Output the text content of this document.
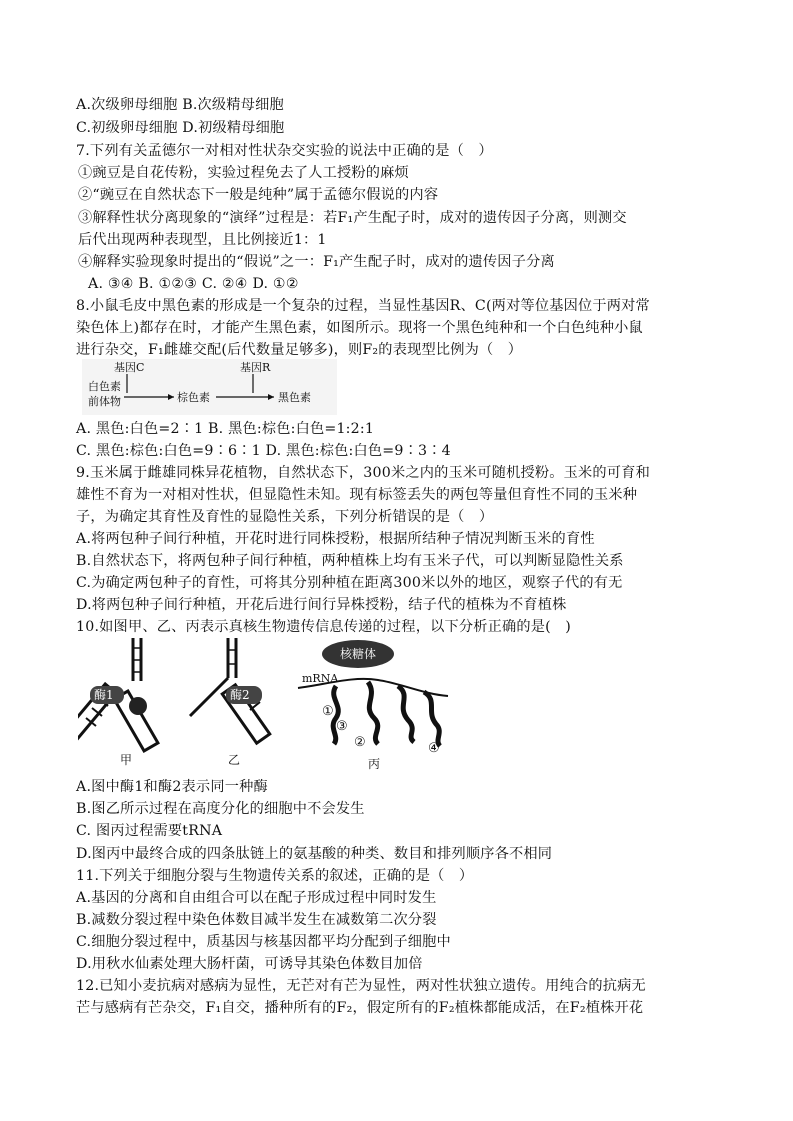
A.次级卵母细胞 B.次级精母细胞
C.初级卵母细胞 D.初级精母细胞
7.下列有关孟德尔一对相对性状杂交实验的说法中正确的是（　）
①豌豆是自花传粉，实验过程免去了人工授粉的麻烦
②“豌豆在自然状态下一般是纯种”属于孟德尔假说的内容
③解释性状分离现象的“演绎”过程是：若F₁产生配子时，成对的遗传因子分离，则测交
后代出现两种表现型，且比例接近1：1
④解释实验现象时提出的“假说”之一：F₁产生配子时，成对的遗传因子分离
A. ③④ B. ①②③ C. ②④ D. ①②
8.小鼠毛皮中黑色素的形成是一个复杂的过程，当显性基因R、C(两对等位基因位于两对常
染色体上)都存在时，才能产生黑色素，如图所示。现将一个黑色纯种和一个白色纯种小鼠
进行杂交，F₁雌雄交配(后代数量足够多)，则F₂的表现型比例为（　）
基因C	基因R
白色素
前体物	棕色素	黑色素
A. 黑色:白色=2∶1 B. 黑色:棕色:白色=1:2:1
C. 黑色:棕色:白色=9∶6∶1 D. 黑色:棕色:白色=9∶3∶4
9.玉米属于雌雄同株异花植物，自然状态下，300米之内的玉米可随机授粉。玉米的可育和
雄性不育为一对相对性状，但显隐性未知。现有标签丢失的两包等量但育性不同的玉米种
子，为确定其育性及育性的显隐性关系，下列分析错误的是（　）
A.将两包种子间行种植，开花时进行同株授粉，根据所结种子情况判断玉米的育性
B.自然状态下，将两包种子间行种植，两种植株上均有玉米子代，可以判断显隐性关系
C.为确定两包种子的育性，可将其分别种植在距离300米以外的地区，观察子代的有无
D.将两包种子间行种植，开花后进行间行异株授粉，结子代的植株为不育植株
10.如图甲、乙、丙表示真核生物遗传信息传递的过程，以下分析正确的是(　)
酶1
甲
酶2
乙
核糖体
mRNA
①
③
②	④
丙
A.图中酶1和酶2表示同一种酶
B.图乙所示过程在高度分化的细胞中不会发生
C. 图丙过程需要tRNA
D.图丙中最终合成的四条肽链上的氨基酸的种类、数目和排列顺序各不相同
11.下列关于细胞分裂与生物遗传关系的叙述，正确的是（　）
A.基因的分离和自由组合可以在配子形成过程中同时发生
B.减数分裂过程中染色体数目减半发生在减数第二次分裂
C.细胞分裂过程中，质基因与核基因都平均分配到子细胞中
D.用秋水仙素处理大肠杆菌，可诱导其染色体数目加倍
12.已知小麦抗病对感病为显性，无芒对有芒为显性，两对性状独立遗传。用纯合的抗病无
芒与感病有芒杂交，F₁自交，播种所有的F₂，假定所有的F₂植株都能成活，在F₂植株开花
